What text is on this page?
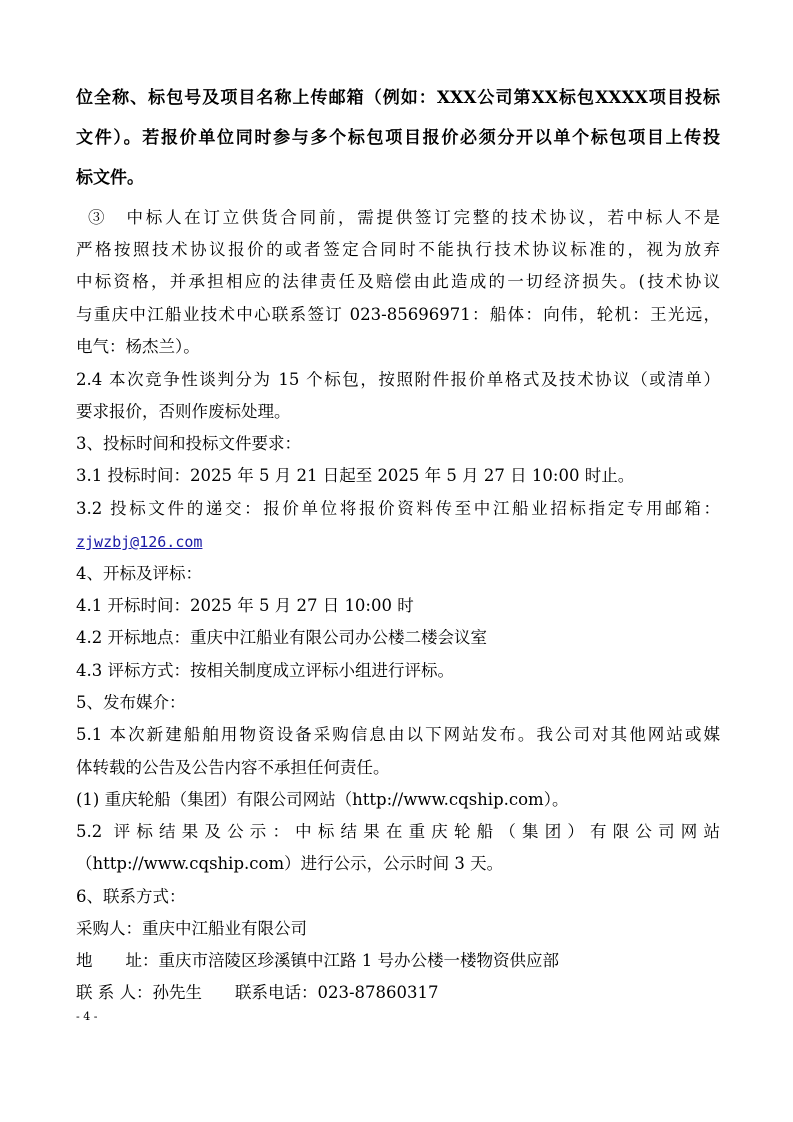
位全称、标包号及项目名称上传邮箱（例如：XXX公司第XX标包XXXX项目投标
文件）。若报价单位同时参与多个标包项目报价必须分开以单个标包项目上传投
标文件。
③　中标人在订立供货合同前，需提供签订完整的技术协议，若中标人不是
严格按照技术协议报价的或者签定合同时不能执行技术协议标准的，视为放弃
中标资格，并承担相应的法律责任及赔偿由此造成的一切经济损失。(技术协议
与重庆中江船业技术中心联系签订 023-85696971：船体：向伟，轮机：王光远，
电气：杨杰兰）。
2.4 本次竞争性谈判分为 15 个标包，按照附件报价单格式及技术协议（或清单）
要求报价，否则作废标处理。
3、投标时间和投标文件要求：
3.1 投标时间：2025 年 5 月 21 日起至 2025 年 5 月 27 日 10:00 时止。
3.2 投标文件的递交：报价单位将报价资料传至中江船业招标指定专用邮箱：
zjwzbj@126.com
4、开标及评标：
4.1 开标时间：2025 年 5 月 27 日 10:00 时
4.2 开标地点：重庆中江船业有限公司办公楼二楼会议室
4.3 评标方式：按相关制度成立评标小组进行评标。
5、发布媒介：
5.1 本次新建船舶用物资设备采购信息由以下网站发布。我公司对其他网站或媒
体转载的公告及公告内容不承担任何责任。
(1) 重庆轮船（集团）有限公司网站（http://www.cqship.com）。
5.2 评标结果及公示：中标结果在重庆轮船（集团）有限公司网站
（http://www.cqship.com）进行公示，公示时间 3 天。
6、联系方式：
采购人：重庆中江船业有限公司
地　　址：重庆市涪陵区珍溪镇中江路 1 号办公楼一楼物资供应部
联 系 人：孙先生　　联系电话：023-87860317
- 4 -
